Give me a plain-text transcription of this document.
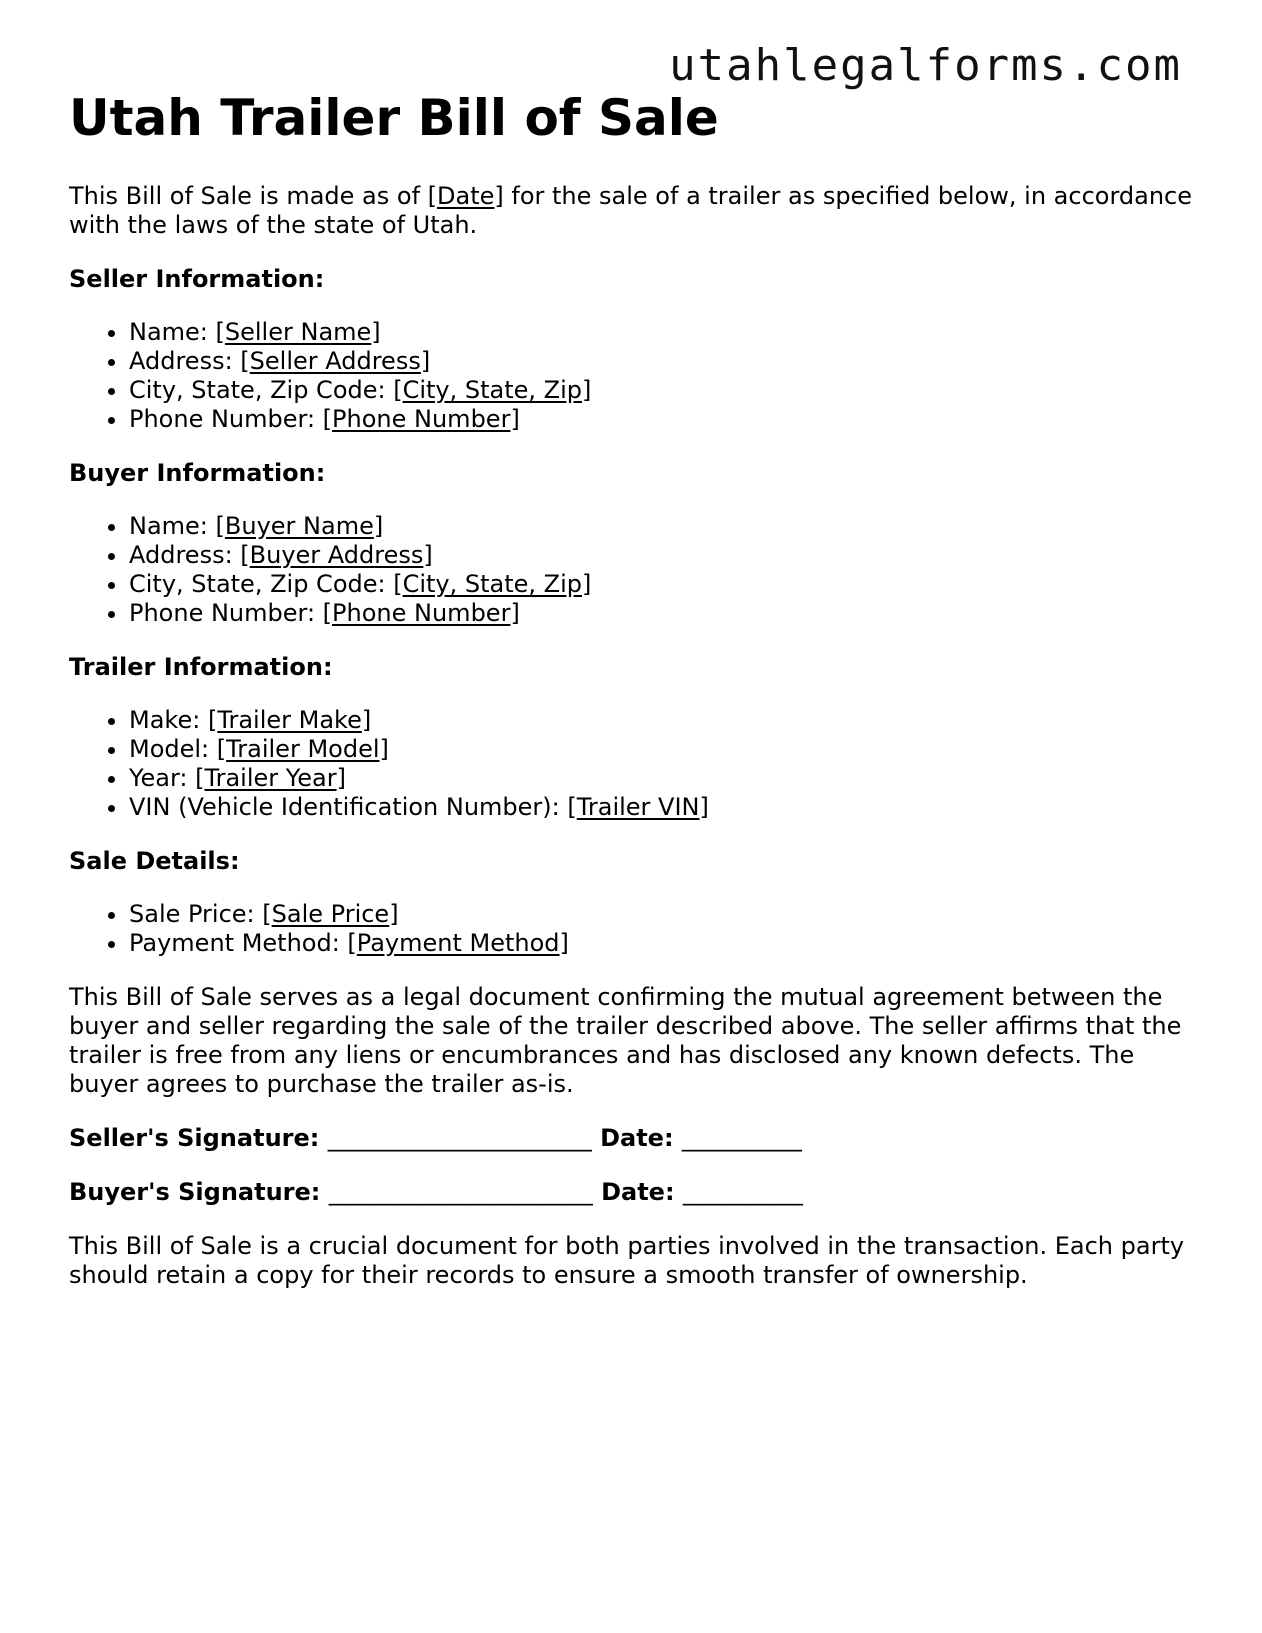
utahlegalforms.com
Utah Trailer Bill of Sale

This Bill of Sale is made as of [Date] for the sale of a trailer as specified below, in accordance with the laws of the state of Utah.

Seller Information:

• Name: [Seller Name]
• Address: [Seller Address]
• City, State, Zip Code: [City, State, Zip]
• Phone Number: [Phone Number]

Buyer Information:

• Name: [Buyer Name]
• Address: [Buyer Address]
• City, State, Zip Code: [City, State, Zip]
• Phone Number: [Phone Number]

Trailer Information:

• Make: [Trailer Make]
• Model: [Trailer Model]
• Year: [Trailer Year]
• VIN (Vehicle Identification Number): [Trailer VIN]

Sale Details:

• Sale Price: [Sale Price]
• Payment Method: [Payment Method]

This Bill of Sale serves as a legal document confirming the mutual agreement between the buyer and seller regarding the sale of the trailer described above. The seller affirms that the trailer is free from any liens or encumbrances and has disclosed any known defects. The buyer agrees to purchase the trailer as-is.

Seller's Signature: ______________________ Date: __________

Buyer's Signature: ______________________ Date: __________

This Bill of Sale is a crucial document for both parties involved in the transaction. Each party should retain a copy for their records to ensure a smooth transfer of ownership.
